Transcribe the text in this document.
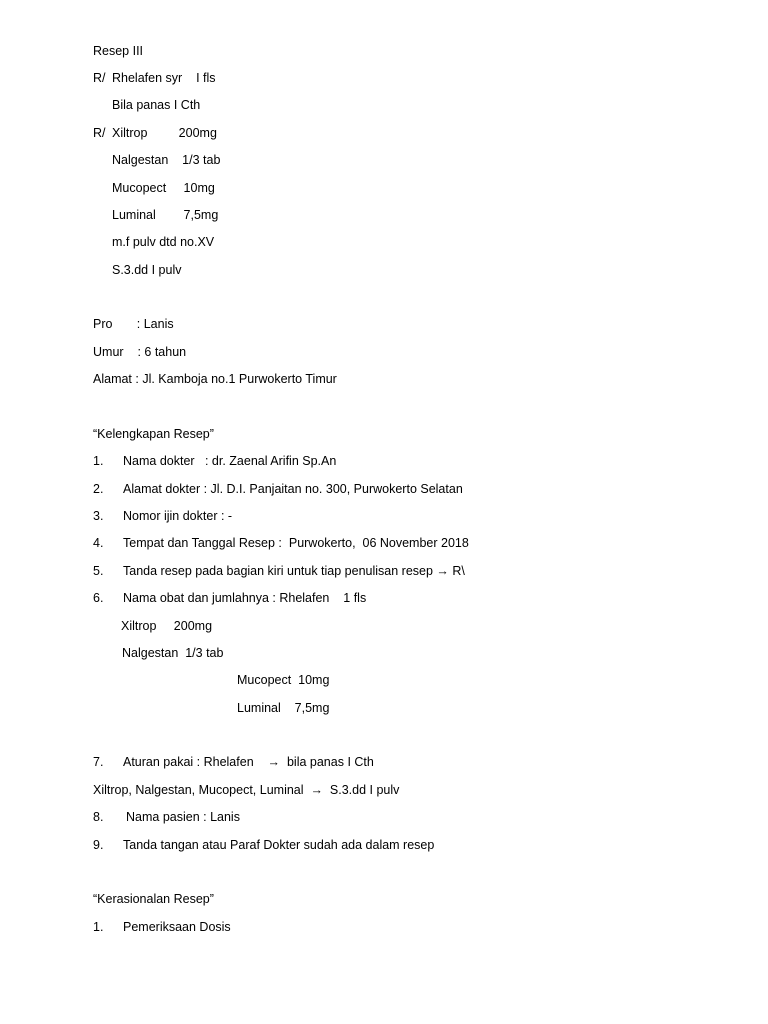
Resep III
R/ Rhelafen syr    I fls
Bila panas I Cth
R/ Xiltrop         200mg
Nalgestan    1/3 tab
Mucopect     10mg
Luminal        7,5mg
m.f pulv dtd no.XV
S.3.dd I pulv
Pro       : Lanis
Umur    : 6 tahun
Alamat : Jl. Kamboja no.1 Purwokerto Timur
“Kelengkapan Resep”
1. Nama dokter   : dr. Zaenal Arifin Sp.An
2. Alamat dokter : Jl. D.I. Panjaitan no. 300, Purwokerto Selatan
3. Nomor ijin dokter : -
4. Tempat dan Tanggal Resep :  Purwokerto,  06 November 2018
5. Tanda resep pada bagian kiri untuk tiap penulisan resep → R\
6. Nama obat dan jumlahnya : Rhelafen    1 fls
Xiltrop     200mg
Nalgestan  1/3 tab
Mucopect  10mg
Luminal    7,5mg
7. Aturan pakai : Rhelafen    →  bila panas I Cth
Xiltrop, Nalgestan, Mucopect, Luminal  →  S.3.dd I pulv
8. Nama pasien : Lanis
9. Tanda tangan atau Paraf Dokter sudah ada dalam resep
“Kerasionalan Resep”
1. Pemeriksaan Dosis
